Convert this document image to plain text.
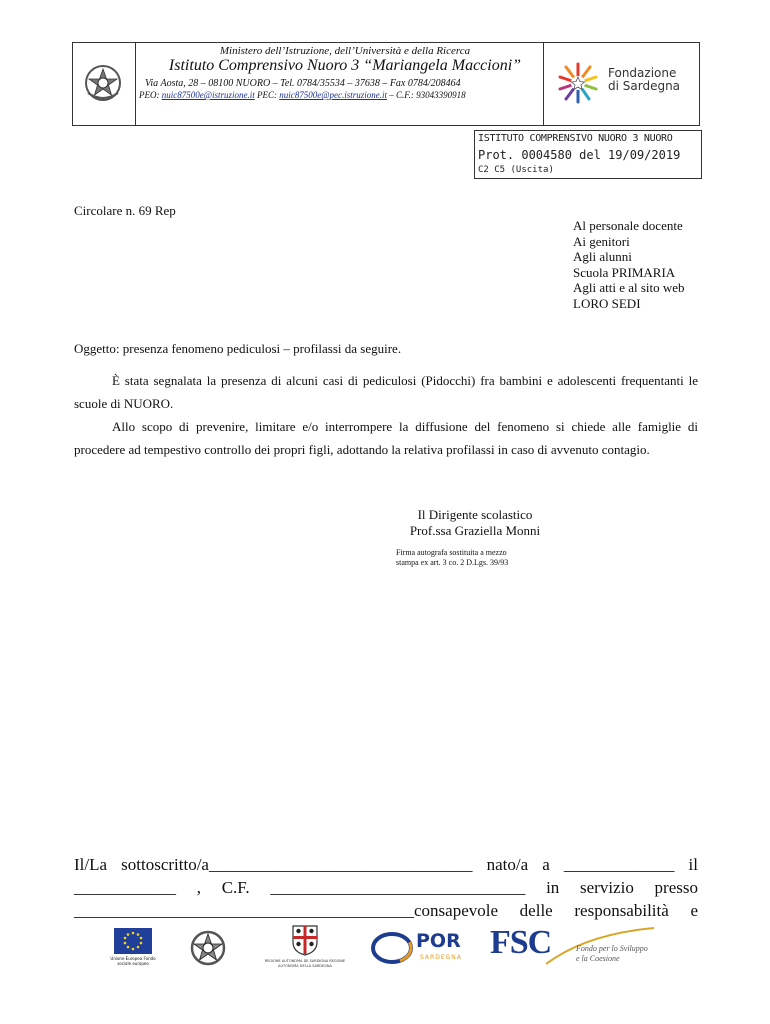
Ministero dell’Istruzione, dell’Università e della Ricerca
Istituto Comprensivo Nuoro 3 “Mariangela Maccioni”
Via Aosta, 28 – 08100 NUORO – Tel. 0784/35534 – 37638 – Fax 0784/208464
PEO: nuic87500e@istruzione.it PEC: nuic87500e@pec.istruzione.it – C.F.: 93043390918
Fondazione
di Sardegna
ISTITUTO COMPRENSIVO NUORO 3 NUORO
Prot. 0004580 del 19/09/2019
C2 C5 (Uscita)
Circolare n. 69 Rep
Al personale docente
Ai genitori
Agli alunni
Scuola PRIMARIA
Agli atti e al sito web
LORO SEDI
Oggetto: presenza fenomeno pediculosi – profilassi da seguire.
È stata segnalata la presenza di alcuni casi di pediculosi (Pidocchi) fra bambini e adolescenti frequentanti le scuole di NUORO.
Allo scopo di prevenire, limitare e/o interrompere la diffusione del fenomeno si chiede alle famiglie di procedere ad tempestivo controllo dei propri figli, adottando la relativa profilassi in caso di avvenuto contagio.
Il Dirigente scolastico
Prof.ssa Graziella Monni
Firma autografa sostituita a mezzo
stampa ex art. 3 co. 2 D.Lgs. 39/93
Il/La sottoscritto/a_______________________________ nato/a a _____________ il
____________ , C.F. ______________________________ in servizio presso
________________________________________consapevole delle responsabilità e
Unione Europea Fondo sociale europeo	REGIONE AUTONOMA DE SARDIGNA REGIONE AUTONOMA DELLA SARDEGNA
POR
SARDEGNA FSC	Fondo per lo Sviluppo
e la Coesione
